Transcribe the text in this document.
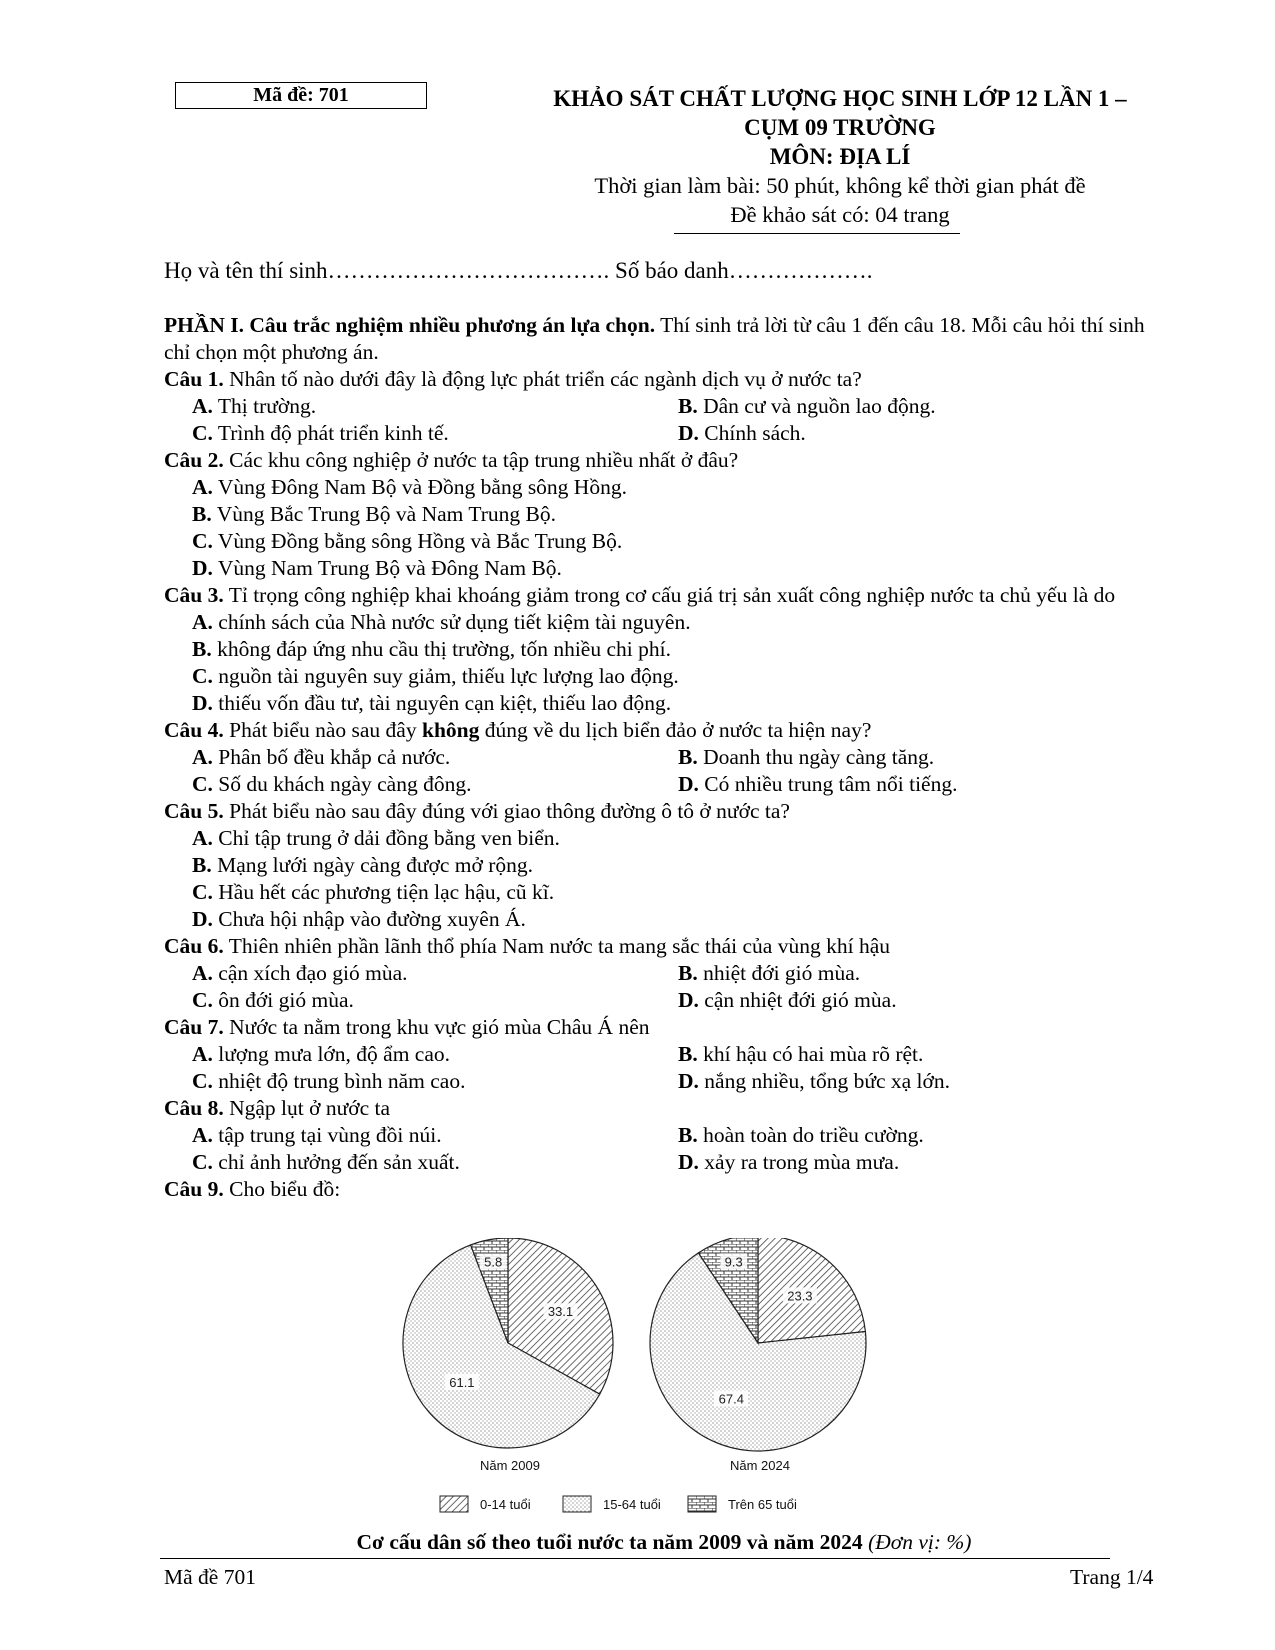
Mã đề: 701	KHẢO SÁT CHẤT LƯỢNG HỌC SINH LỚP 12 LẦN 1 –
CỤM 09 TRƯỜNG
MÔN: ĐỊA LÍ
Thời gian làm bài: 50 phút, không kể thời gian phát đề
Đề khảo sát có: 04 trang
Họ và tên thí sinh………………………………. Số báo danh……………….
PHẦN I. Câu trắc nghiệm nhiều phương án lựa chọn. Thí sinh trả lời từ câu 1 đến câu 18. Mỗi câu hỏi thí sinh chỉ chọn một phương án.
Câu 1. Nhân tố nào dưới đây là động lực phát triển các ngành dịch vụ ở nước ta?
A. Thị trường.	B. Dân cư và nguồn lao động.
C. Trình độ phát triển kinh tế.	D. Chính sách.
Câu 2. Các khu công nghiệp ở nước ta tập trung nhiều nhất ở đâu?
A. Vùng Đông Nam Bộ và Đồng bằng sông Hồng.
B. Vùng Bắc Trung Bộ và Nam Trung Bộ.
C. Vùng Đồng bằng sông Hồng và Bắc Trung Bộ.
D. Vùng Nam Trung Bộ và Đông Nam Bộ.
Câu 3. Tỉ trọng công nghiệp khai khoáng giảm trong cơ cấu giá trị sản xuất công nghiệp nước ta chủ yếu là do
A. chính sách của Nhà nước sử dụng tiết kiệm tài nguyên.
B. không đáp ứng nhu cầu thị trường, tốn nhiều chi phí.
C. nguồn tài nguyên suy giảm, thiếu lực lượng lao động.
D. thiếu vốn đầu tư, tài nguyên cạn kiệt, thiếu lao động.
Câu 4. Phát biểu nào sau đây không đúng về du lịch biển đảo ở nước ta hiện nay?
A. Phân bố đều khắp cả nước.	B. Doanh thu ngày càng tăng.
C. Số du khách ngày càng đông.	D. Có nhiều trung tâm nổi tiếng.
Câu 5. Phát biểu nào sau đây đúng với giao thông đường ô tô ở nước ta?
A. Chỉ tập trung ở dải đồng bằng ven biển.
B. Mạng lưới ngày càng được mở rộng.
C. Hầu hết các phương tiện lạc hậu, cũ kĩ.
D. Chưa hội nhập vào đường xuyên Á.
Câu 6. Thiên nhiên phần lãnh thổ phía Nam nước ta mang sắc thái của vùng khí hậu
A. cận xích đạo gió mùa.	B. nhiệt đới gió mùa.
C. ôn đới gió mùa.	D. cận nhiệt đới gió mùa.
Câu 7. Nước ta nằm trong khu vực gió mùa Châu Á nên
A. lượng mưa lớn, độ ẩm cao.	B. khí hậu có hai mùa rõ rệt.
C. nhiệt độ trung bình năm cao.	D. nắng nhiều, tổng bức xạ lớn.
Câu 8. Ngập lụt ở nước ta
A. tập trung tại vùng đồi núi.	B. hoàn toàn do triều cường.
C. chỉ ảnh hưởng đến sản xuất.	D. xảy ra trong mùa mưa.
Câu 9. Cho biểu đồ:
33.1
61.1
5.8
Năm 2009
23.3
67.4
9.3
Năm 2024
0-14 tuổi	15-64 tuổi	Trên 65 tuổi
Cơ cấu dân số theo tuổi nước ta năm 2009 và năm 2024 (Đơn vị: %)
Mã đề 701	Trang 1/4
